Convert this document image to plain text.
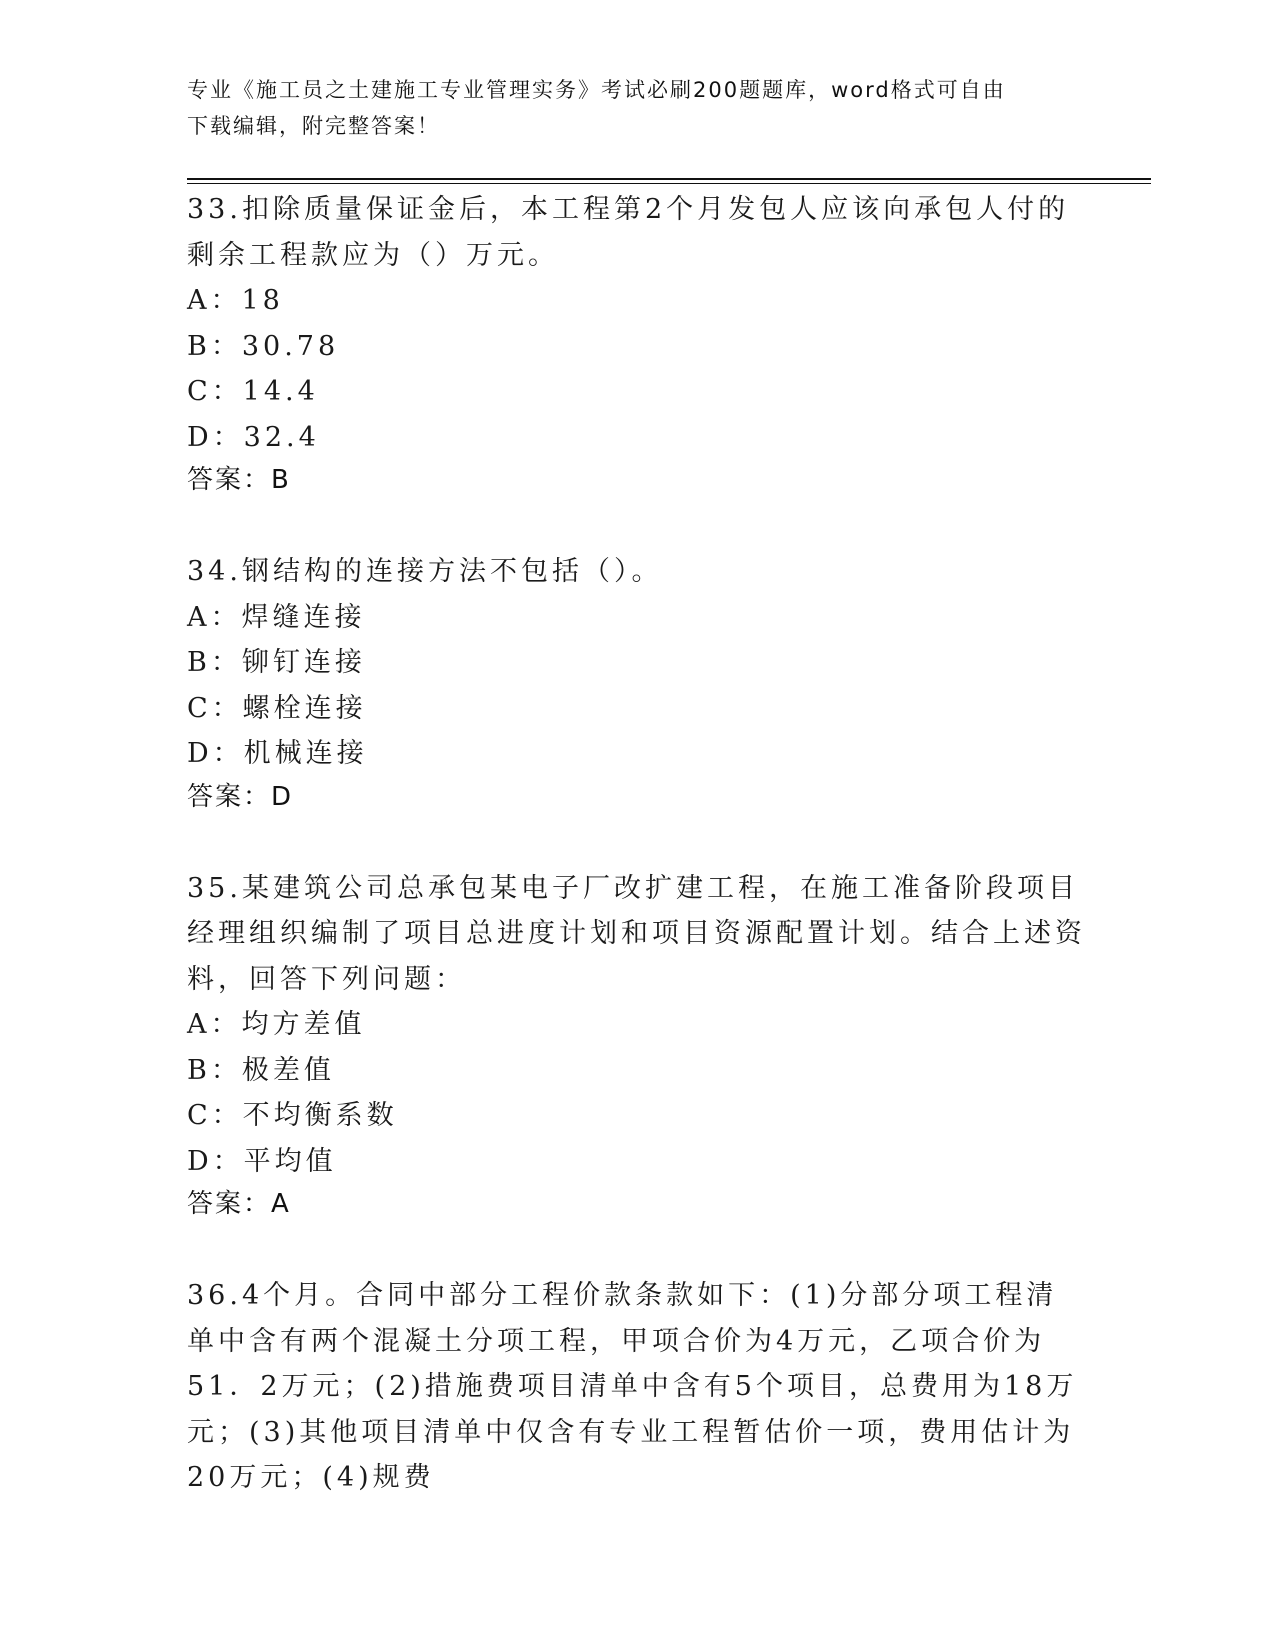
专业《施工员之土建施工专业管理实务》考试必刷200题题库，word格式可自由
下载编辑，附完整答案！
33.扣除质量保证金后，本工程第2个月发包人应该向承包人付的剩余工程款应为（）万元。
A：18
B：30.78
C：14.4
D：32.4
答案：B
34.钢结构的连接方法不包括（）。
A：焊缝连接
B：铆钉连接
C：螺栓连接
D：机械连接
答案：D
35.某建筑公司总承包某电子厂改扩建工程，在施工准备阶段项目经理组织编制了项目总进度计划和项目资源配置计划。结合上述资料，回答下列问题：
A：均方差值
B：极差值
C：不均衡系数
D：平均值
答案：A
36.4个月。合同中部分工程价款条款如下：(1)分部分项工程清单中含有两个混凝土分项工程，甲项合价为4万元，乙项合价为51．2万元；(2)措施费项目清单中含有5个项目，总费用为18万元；(3)其他项目清单中仅含有专业工程暂估价一项，费用估计为20万元；(4)规费
